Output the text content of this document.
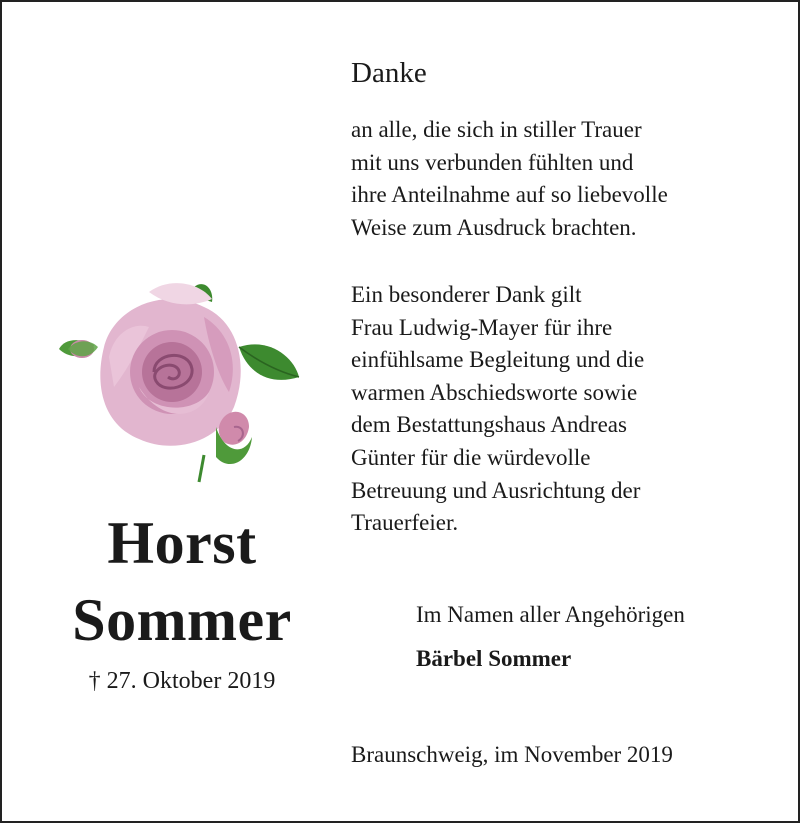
Horst
Sommer
† 27. Oktober 2019
Danke
an alle, die sich in stiller Trauer
mit uns verbunden fühlten und
ihre Anteilnahme auf so liebevolle
Weise zum Ausdruck brachten.
Ein besonderer Dank gilt
Frau Ludwig-Mayer für ihre
einfühlsame Begleitung und die
warmen Abschiedsworte sowie
dem Bestattungshaus Andreas
Günter für die würdevolle
Betreuung und Ausrichtung der
Trauerfeier.
Im Namen aller Angehörigen
Bärbel Sommer
Braunschweig, im November 2019
